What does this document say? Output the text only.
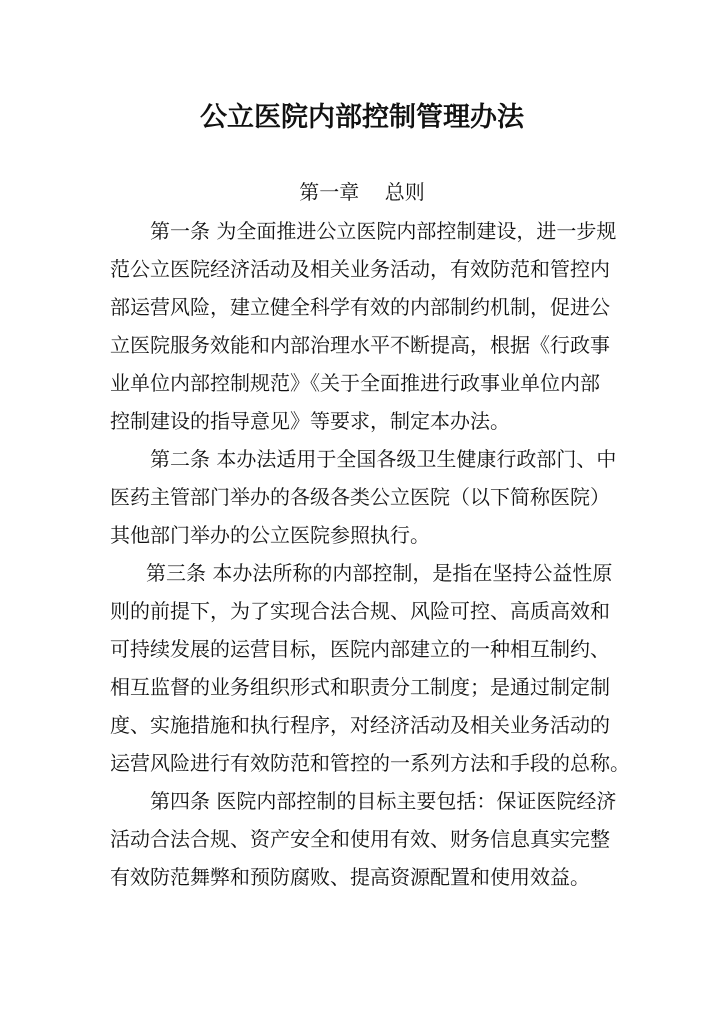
公立医院内部控制管理办法
第一章    总则
第一条 为全面推进公立医院内部控制建设，进一步规
范公立医院经济活动及相关业务活动，有效防范和管控内
部运营风险，建立健全科学有效的内部制约机制，促进公
立医院服务效能和内部治理水平不断提高，根据《行政事
业单位内部控制规范》《关于全面推进行政事业单位内部
控制建设的指导意见》等要求，制定本办法。
第二条 本办法适用于全国各级卫生健康行政部门、中
医药主管部门举办的各级各类公立医院（以下简称医院）
其他部门举办的公立医院参照执行。
第三条 本办法所称的内部控制，是指在坚持公益性原
则的前提下，为了实现合法合规、风险可控、高质高效和
可持续发展的运营目标，医院内部建立的一种相互制约、
相互监督的业务组织形式和职责分工制度；是通过制定制
度、实施措施和执行程序，对经济活动及相关业务活动的
运营风险进行有效防范和管控的一系列方法和手段的总称。
第四条 医院内部控制的目标主要包括：保证医院经济
活动合法合规、资产安全和使用有效、财务信息真实完整
有效防范舞弊和预防腐败、提高资源配置和使用效益。
